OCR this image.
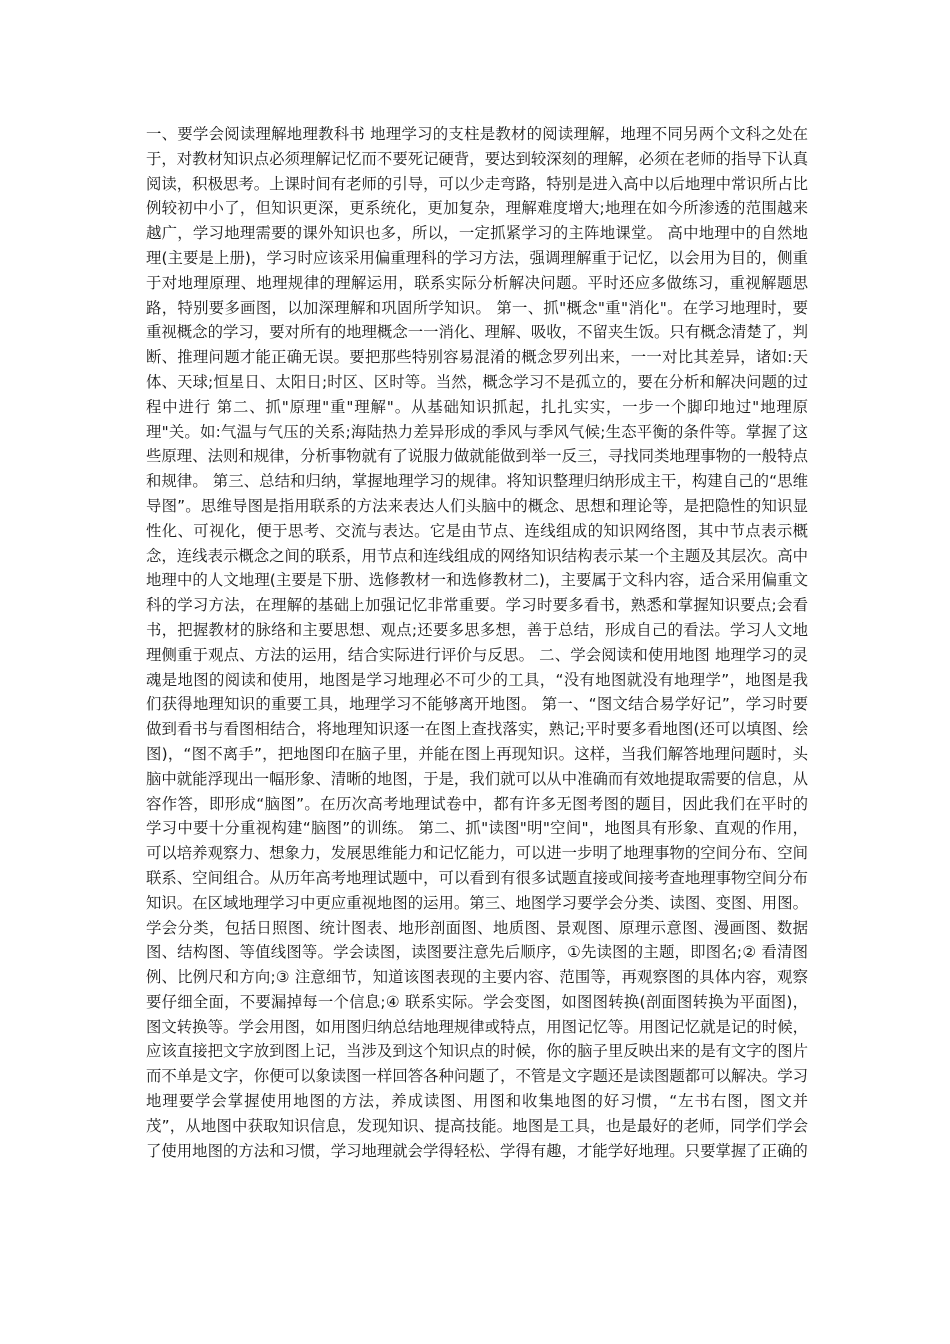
一、要学会阅读理解地理教科书 地理学习的支柱是教材的阅读理解，地理不同另两个文科之处在于，对教材知识点必须理解记忆而不要死记硬背，要达到较深刻的理解，必须在老师的指导下认真阅读，积极思考。上课时间有老师的引导，可以少走弯路，特别是进入高中以后地理中常识所占比例较初中小了，但知识更深，更系统化，更加复杂，理解难度增大;地理在如今所渗透的范围越来越广，学习地理需要的课外知识也多，所以，一定抓紧学习的主阵地课堂。 高中地理中的自然地理(主要是上册)，学习时应该采用偏重理科的学习方法，强调理解重于记忆，以会用为目的，侧重于对地理原理、地理规律的理解运用，联系实际分析解决问题。平时还应多做练习，重视解题思路，特别要多画图，以加深理解和巩固所学知识。 第一、抓"概念"重"消化"。在学习地理时，要重视概念的学习，要对所有的地理概念一一消化、理解、吸收，不留夹生饭。只有概念清楚了，判断、推理问题才能正确无误。要把那些特别容易混淆的概念罗列出来，一一对比其差异，诸如:天体、天球;恒星日、太阳日;时区、区时等。当然，概念学习不是孤立的，要在分析和解决问题的过程中进行 第二、抓"原理"重"理解"。从基础知识抓起，扎扎实实，一步一个脚印地过"地理原理"关。如:气温与气压的关系;海陆热力差异形成的季风与季风气候;生态平衡的条件等。掌握了这些原理、法则和规律，分析事物就有了说服力做就能做到举一反三，寻找同类地理事物的一般特点和规律。 第三、总结和归纳，掌握地理学习的规律。将知识整理归纳形成主干，构建自己的“思维导图”。思维导图是指用联系的方法来表达人们头脑中的概念、思想和理论等，是把隐性的知识显性化、可视化，便于思考、交流与表达。它是由节点、连线组成的知识网络图，其中节点表示概念，连线表示概念之间的联系，用节点和连线组成的网络知识结构表示某一个主题及其层次。高中地理中的人文地理(主要是下册、选修教材一和选修教材二)，主要属于文科内容，适合采用偏重文科的学习方法，在理解的基础上加强记忆非常重要。学习时要多看书，熟悉和掌握知识要点;会看书，把握教材的脉络和主要思想、观点;还要多思多想，善于总结，形成自己的看法。学习人文地理侧重于观点、方法的运用，结合实际进行评价与反思。 二、学会阅读和使用地图 地理学习的灵魂是地图的阅读和使用，地图是学习地理必不可少的工具，“没有地图就没有地理学”，地图是我们获得地理知识的重要工具，地理学习不能够离开地图。 第一、“图文结合易学好记”，学习时要做到看书与看图相结合，将地理知识逐一在图上查找落实，熟记;平时要多看地图(还可以填图、绘图)，“图不离手”，把地图印在脑子里，并能在图上再现知识。这样，当我们解答地理问题时，头脑中就能浮现出一幅形象、清晰的地图，于是，我们就可以从中准确而有效地提取需要的信息，从容作答，即形成“脑图”。在历次高考地理试卷中，都有许多无图考图的题目，因此我们在平时的学习中要十分重视构建“脑图”的训练。 第二、抓"读图"明"空间"，地图具有形象、直观的作用，可以培养观察力、想象力，发展思维能力和记忆能力，可以进一步明了地理事物的空间分布、空间联系、空间组合。从历年高考地理试题中，可以看到有很多试题直接或间接考查地理事物空间分布知识。在区域地理学习中更应重视地图的运用。第三、地图学习要学会分类、读图、变图、用图。学会分类，包括日照图、统计图表、地形剖面图、地质图、景观图、原理示意图、漫画图、数据图、结构图、等值线图等。学会读图，读图要注意先后顺序，①先读图的主题，即图名;② 看清图例、比例尺和方向;③ 注意细节，知道该图表现的主要内容、范围等，再观察图的具体内容，观察要仔细全面，不要漏掉每一个信息;④ 联系实际。学会变图，如图图转换(剖面图转换为平面图)，图文转换等。学会用图，如用图归纳总结地理规律或特点，用图记忆等。用图记忆就是记的时候，应该直接把文字放到图上记，当涉及到这个知识点的时候，你的脑子里反映出来的是有文字的图片而不单是文字，你便可以象读图一样回答各种问题了，不管是文字题还是读图题都可以解决。学习地理要学会掌握使用地图的方法，养成读图、用图和收集地图的好习惯，“左书右图，图文并茂”，从地图中获取知识信息，发现知识、提高技能。地图是工具，也是最好的老师，同学们学会了使用地图的方法和习惯，学习地理就会学得轻松、学得有趣，才能学好地理。只要掌握了正确的
